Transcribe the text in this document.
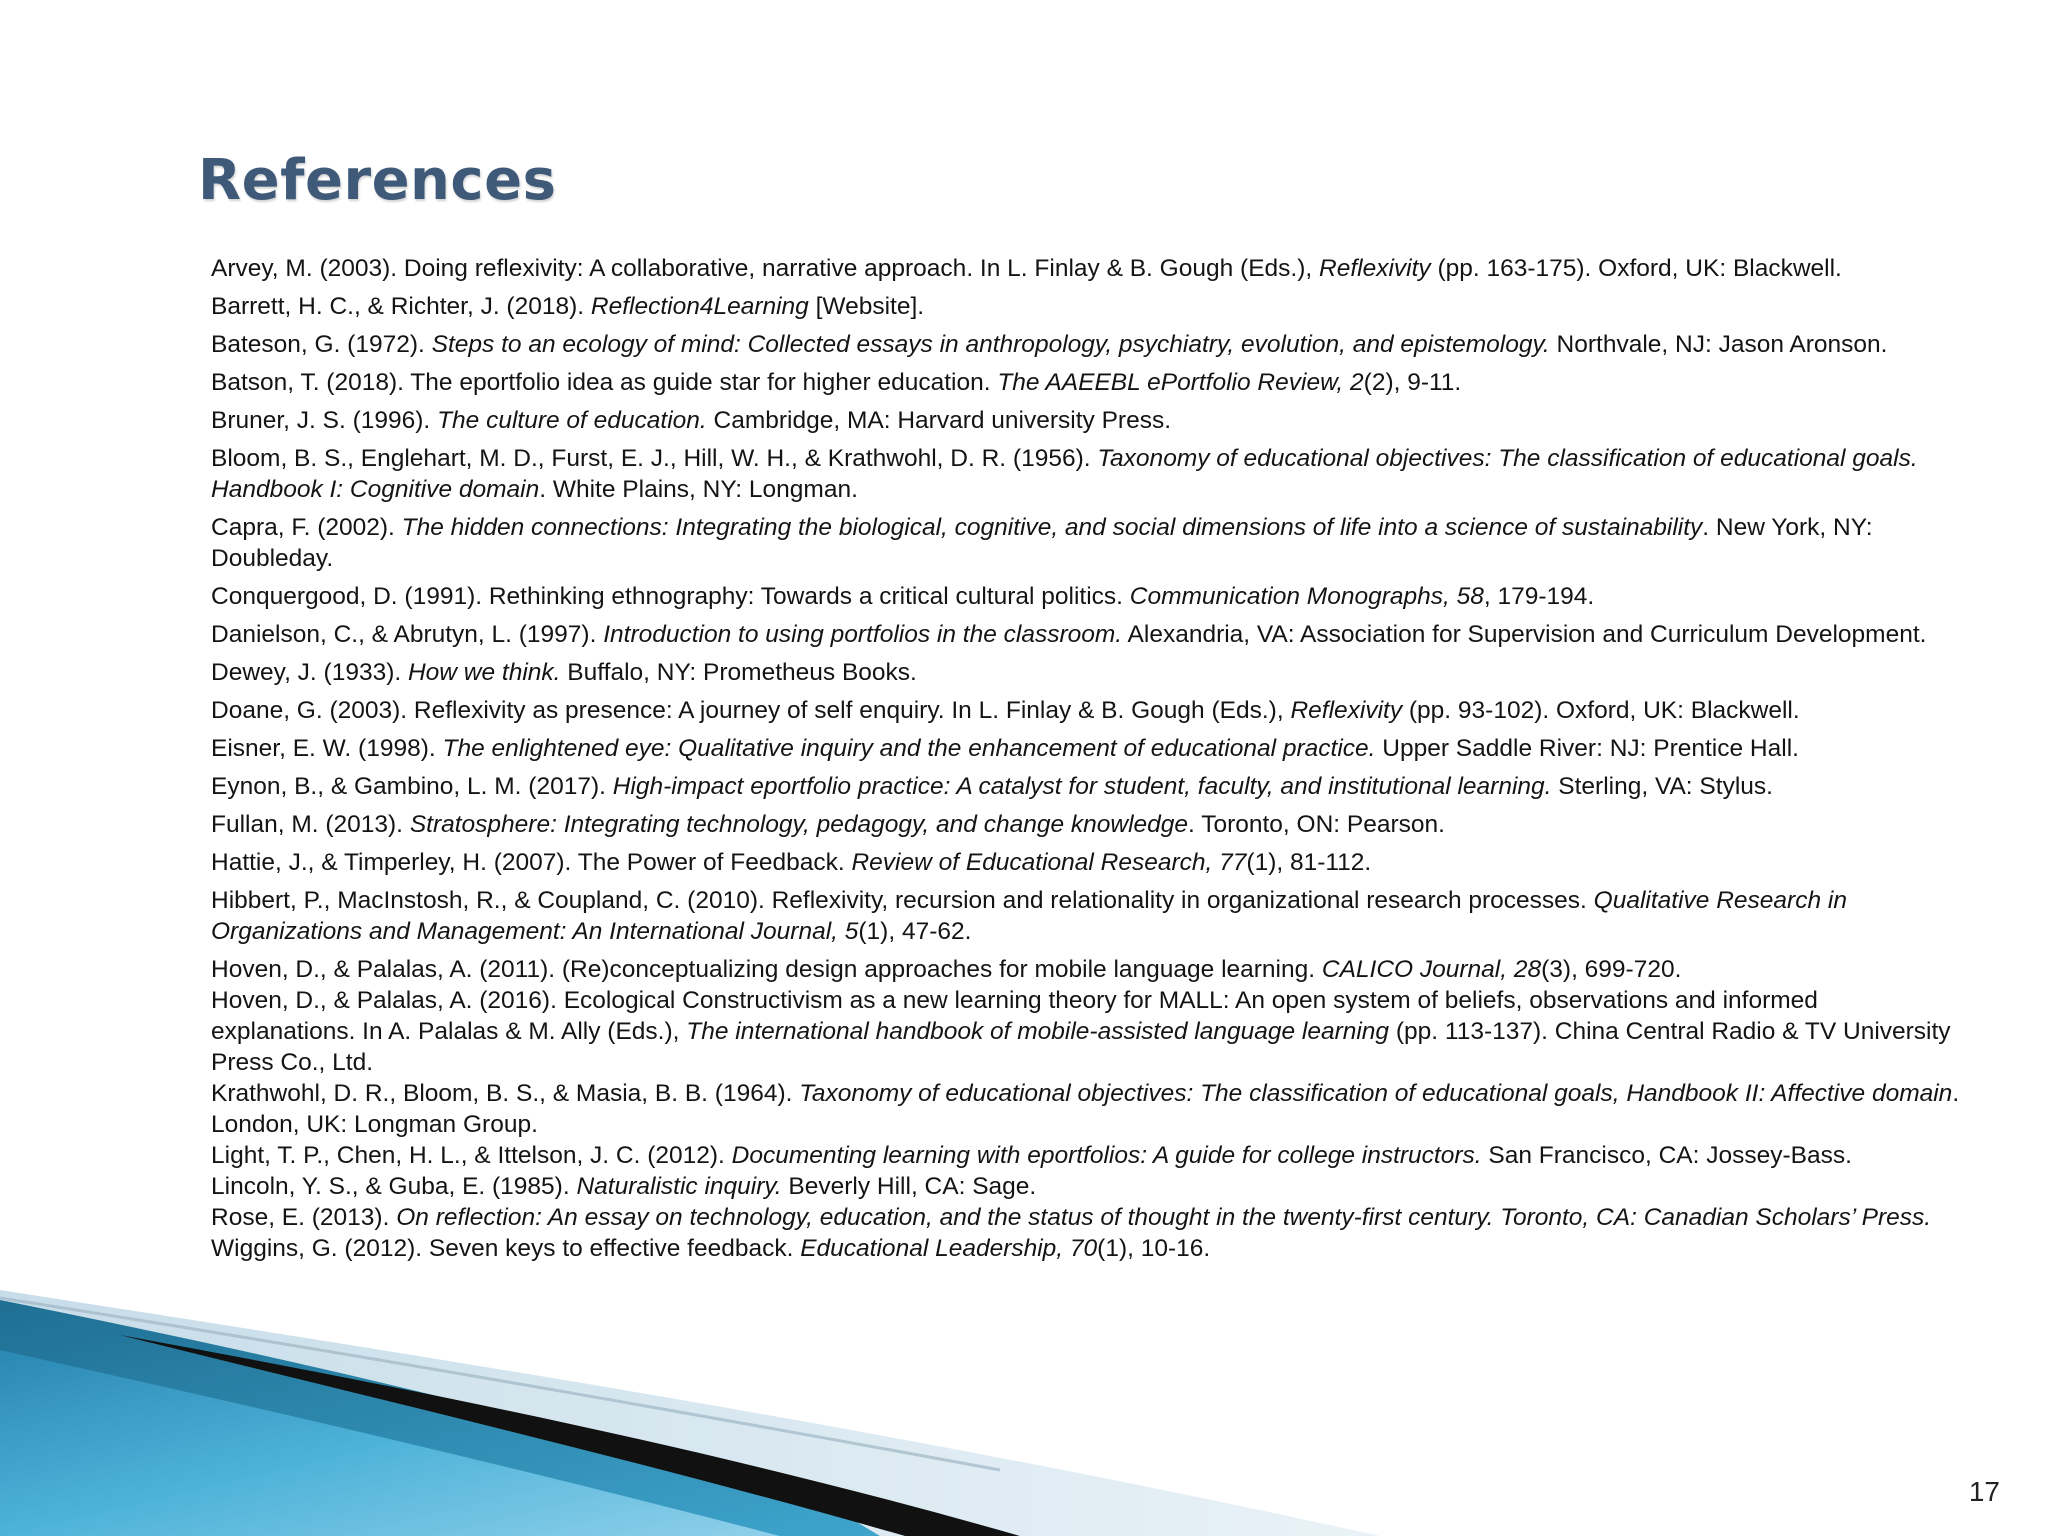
References
Arvey, M. (2003). Doing reflexivity: A collaborative, narrative approach. In L. Finlay & B. Gough (Eds.), Reflexivity (pp. 163-175). Oxford, UK: Blackwell.
Barrett, H. C., & Richter, J. (2018). Reflection4Learning [Website].
Bateson, G. (1972). Steps to an ecology of mind: Collected essays in anthropology, psychiatry, evolution, and epistemology. Northvale, NJ: Jason Aronson.
Batson, T. (2018). The eportfolio idea as guide star for higher education. The AAEEBL ePortfolio Review, 2(2), 9-11.
Bruner, J. S. (1996). The culture of education. Cambridge, MA: Harvard university Press.
Bloom, B. S., Englehart, M. D., Furst, E. J., Hill, W. H., & Krathwohl, D. R. (1956). Taxonomy of educational objectives: The classification of educational goals. Handbook I: Cognitive domain. White Plains, NY: Longman.
Capra, F. (2002). The hidden connections: Integrating the biological, cognitive, and social dimensions of life into a science of sustainability. New York, NY: Doubleday.
Conquergood, D. (1991). Rethinking ethnography: Towards a critical cultural politics. Communication Monographs, 58, 179-194.
Danielson, C., & Abrutyn, L. (1997). Introduction to using portfolios in the classroom. Alexandria, VA: Association for Supervision and Curriculum Development.
Dewey, J. (1933). How we think. Buffalo, NY: Prometheus Books.
Doane, G. (2003). Reflexivity as presence: A journey of self enquiry. In L. Finlay & B. Gough (Eds.), Reflexivity (pp. 93-102). Oxford, UK: Blackwell.
Eisner, E. W. (1998). The enlightened eye: Qualitative inquiry and the enhancement of educational practice. Upper Saddle River: NJ: Prentice Hall.
Eynon, B., & Gambino, L. M. (2017). High-impact eportfolio practice: A catalyst for student, faculty, and institutional learning. Sterling, VA: Stylus.
Fullan, M. (2013). Stratosphere: Integrating technology, pedagogy, and change knowledge. Toronto, ON: Pearson.
Hattie, J., & Timperley, H. (2007). The Power of Feedback. Review of Educational Research, 77(1), 81-112.
Hibbert, P., MacInstosh, R., & Coupland, C. (2010). Reflexivity, recursion and relationality in organizational research processes. Qualitative Research in Organizations and Management: An International Journal, 5(1), 47-62.
Hoven, D., & Palalas, A. (2011). (Re)conceptualizing design approaches for mobile language learning. CALICO Journal, 28(3), 699-720.
Hoven, D., & Palalas, A. (2016). Ecological Constructivism as a new learning theory for MALL: An open system of beliefs, observations and informed explanations. In A. Palalas & M. Ally (Eds.), The international handbook of mobile-assisted language learning (pp. 113-137). China Central Radio & TV University Press Co., Ltd.
Krathwohl, D. R., Bloom, B. S., & Masia, B. B. (1964). Taxonomy of educational objectives: The classification of educational goals, Handbook II: Affective domain. London, UK: Longman Group.
Light, T. P., Chen, H. L., & Ittelson, J. C. (2012). Documenting learning with eportfolios: A guide for college instructors. San Francisco, CA: Jossey-Bass.
Lincoln, Y. S., & Guba, E. (1985). Naturalistic inquiry. Beverly Hill, CA: Sage.
Rose, E. (2013). On reflection: An essay on technology, education, and the status of thought in the twenty-first century. Toronto, CA: Canadian Scholars’ Press.
Wiggins, G. (2012). Seven keys to effective feedback. Educational Leadership, 70(1), 10-16.
17
